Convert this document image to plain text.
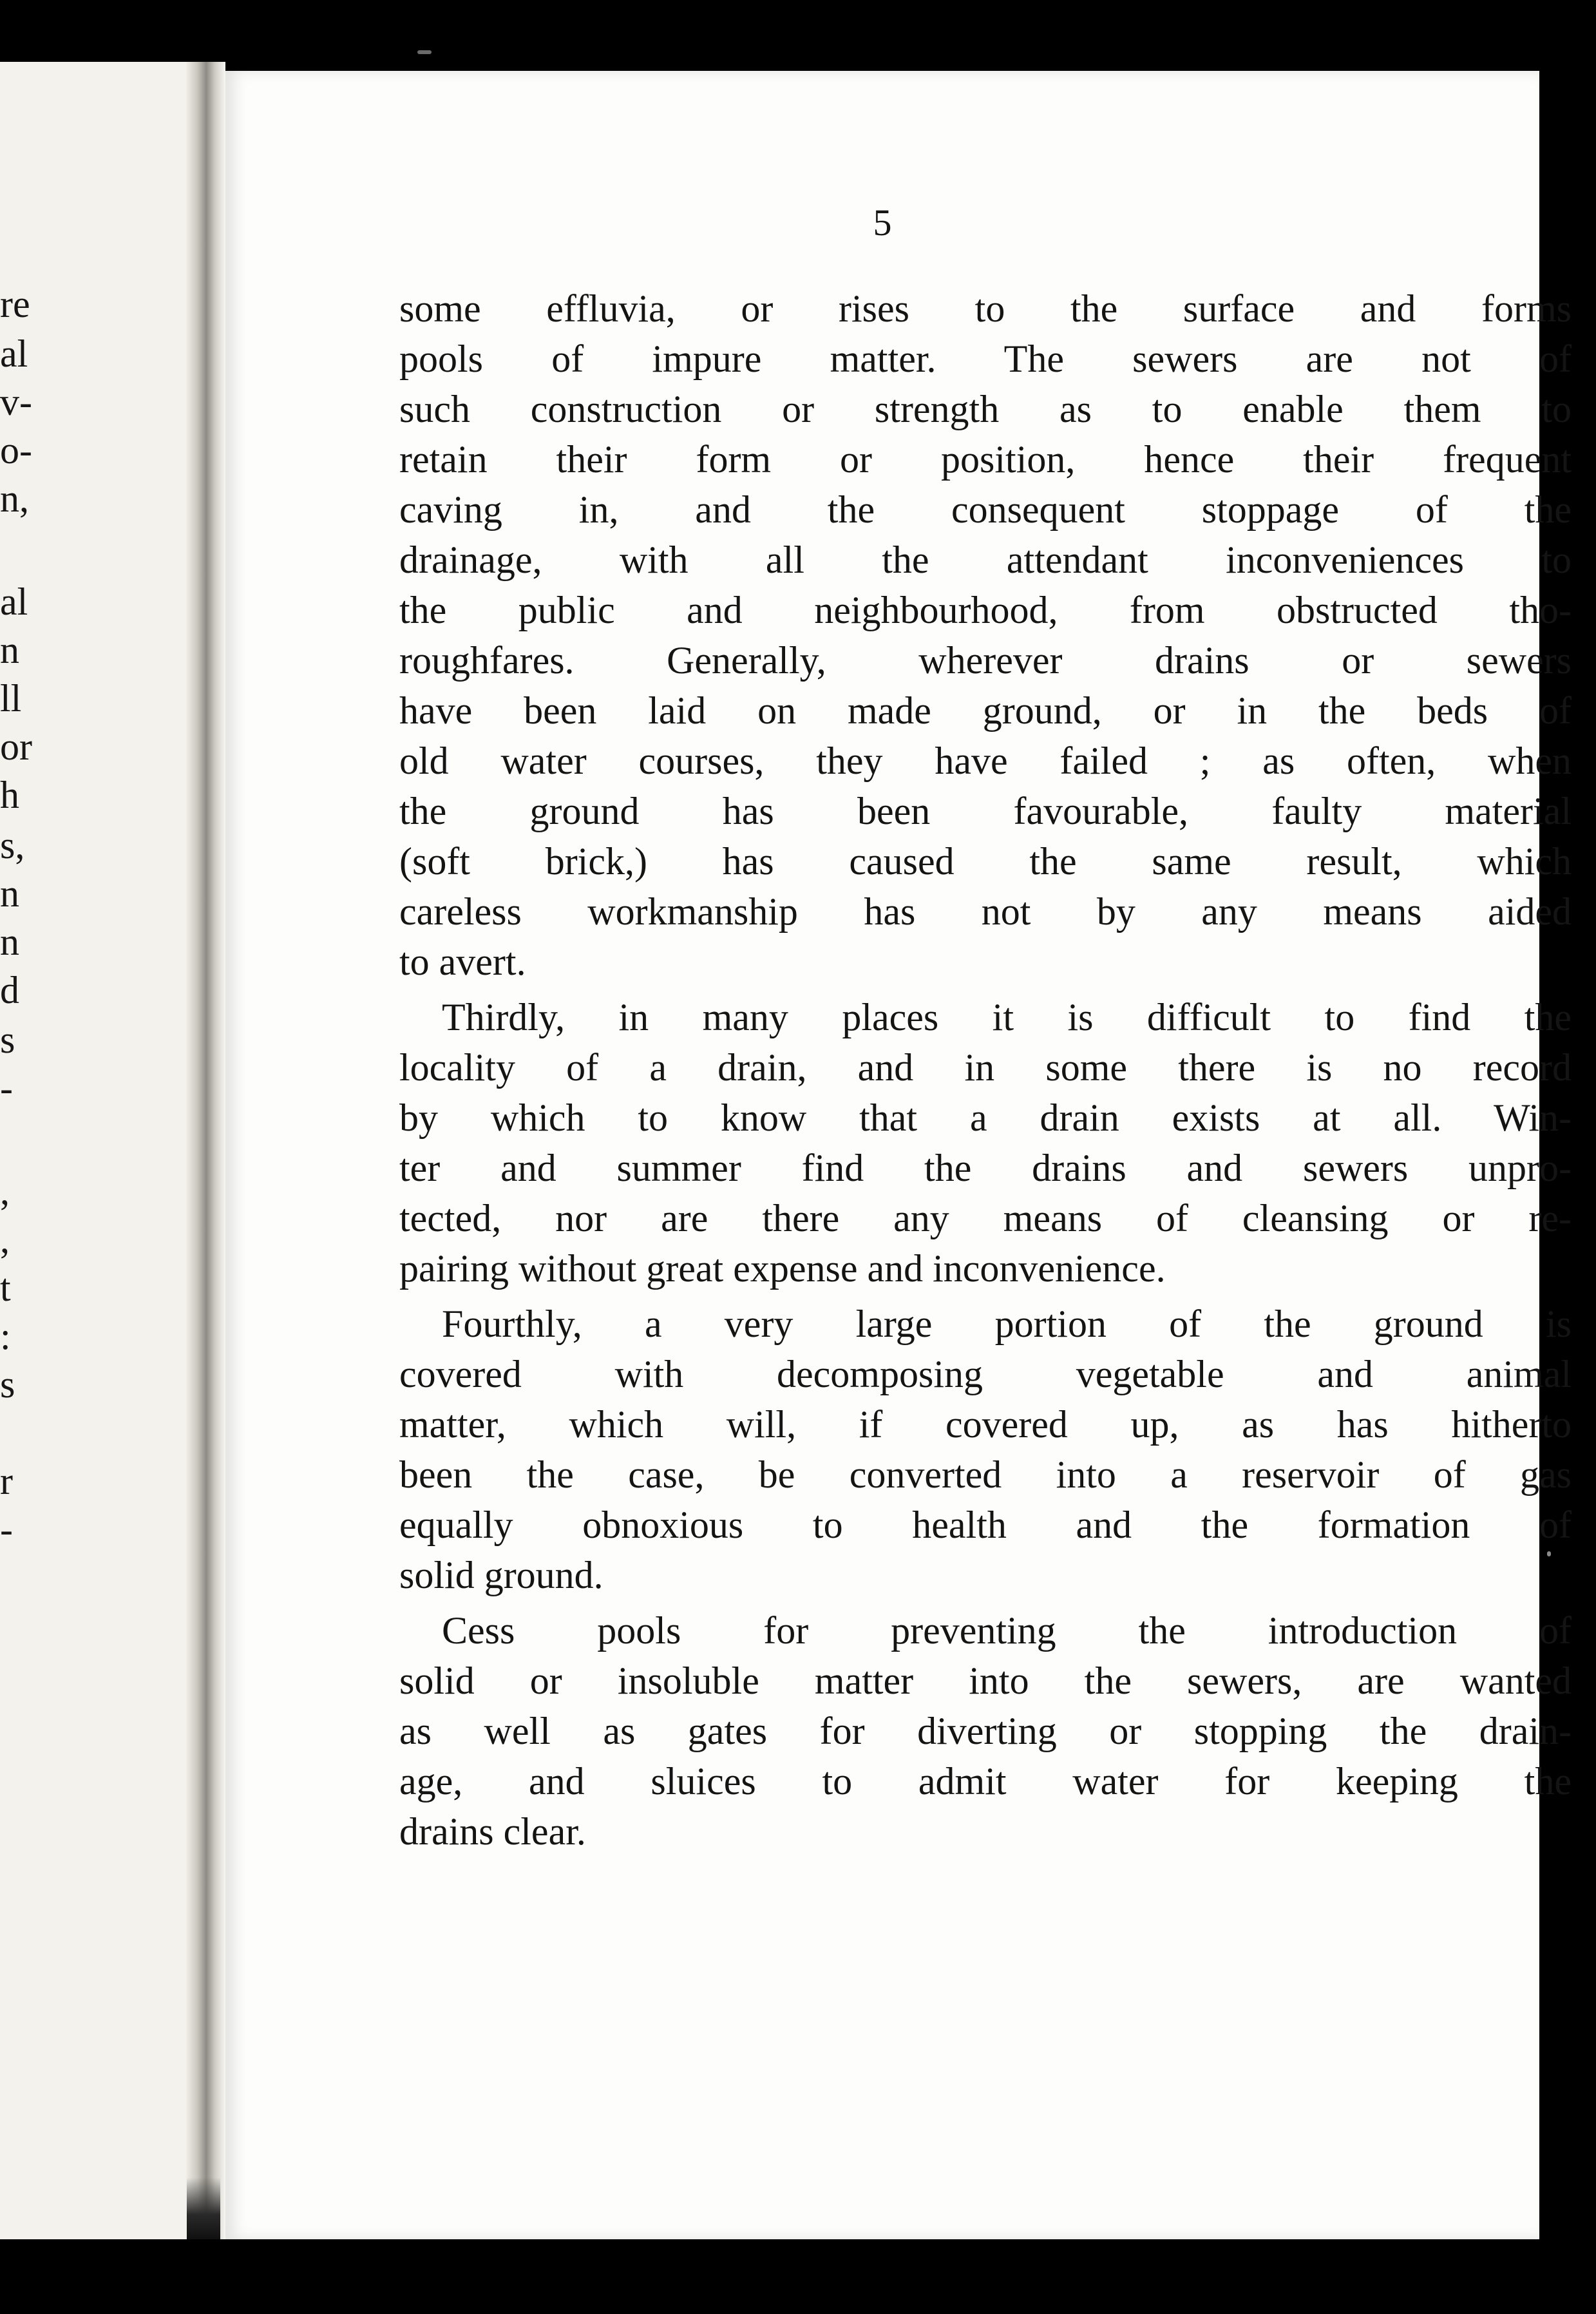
re
al
v-
o-
n,
al
n
ll
or
h
s,
n
n
d
s
-
,
,
t
:
s
r
-
5
some effluvia, or rises to the surface and forms
pools of impure matter. The sewers are not of
such construction or strength as to enable them to
retain their form or position, hence their frequent
caving in, and the consequent stoppage of the
drainage, with all the attendant inconveniences to
the public and neighbourhood, from obstructed tho-
roughfares. Generally, wherever drains or sewers
have been laid on made ground, or in the beds of
old water courses, they have failed ; as often, when
the ground has been favourable, faulty material
(soft brick,) has caused the same result, which
careless workmanship has not by any means aided
to avert.
Thirdly, in many places it is difficult to find the
locality of a drain, and in some there is no record
by which to know that a drain exists at all. Win-
ter and summer find the drains and sewers unpro-
tected, nor are there any means of cleansing or re-
pairing without great expense and inconvenience.
Fourthly, a very large portion of the ground is
covered with decomposing vegetable and animal
matter, which will, if covered up, as has hitherto
been the case, be converted into a reservoir of gas
equally obnoxious to health and the formation of
solid ground.
Cess pools for preventing the introduction of
solid or insoluble matter into the sewers, are wanted
as well as gates for diverting or stopping the drain-
age, and sluices to admit water for keeping the
drains clear.
